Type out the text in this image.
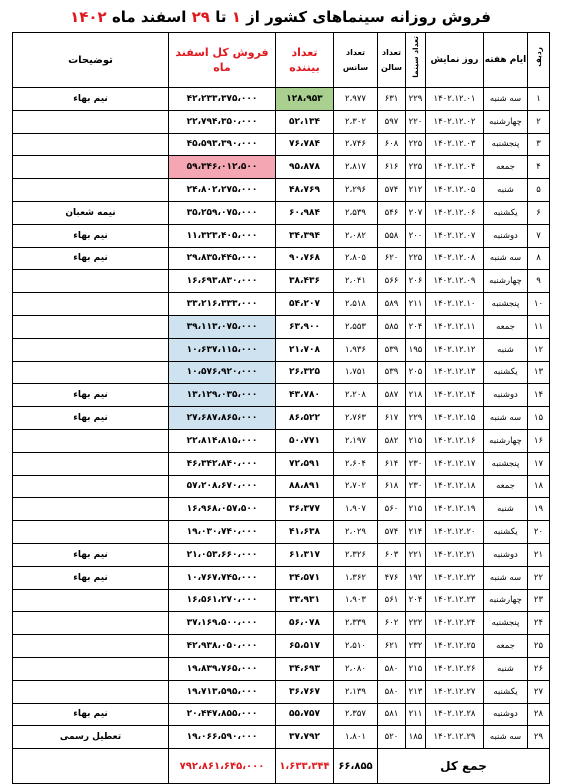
فروش روزانه سینماهای کشور از ۱ تا ۲۹ اسفند ماه ۱۴۰۲
ردیف	ایام هفته	روز نمایش	تعداد سینما	تعداد سالن	تعداد سانس	تعداد بیننده	فروش کل اسفند ماه	توضیحات
۱	سه شنبه	۱۴۰۲.۱۲.۰۱	۲۲۹	۶۳۱	۲،۹۷۷	۱۲۸،۹۵۳	۴۲،۲۳۳،۳۷۵،۰۰۰	نیم بهاء
۲	چهارشنبه	۱۴۰۲.۱۲.۰۲	۲۲۰	۵۹۷	۲،۳۰۲	۵۲،۱۳۴	۲۲،۷۹۴،۳۵۰،۰۰۰	
۳	پنجشنبه	۱۴۰۲.۱۲.۰۳	۲۲۵	۶۰۸	۲،۷۴۶	۷۶،۷۸۴	۴۵،۵۹۳،۳۹۰،۰۰۰	
۴	جمعه	۱۴۰۲.۱۲.۰۴	۲۲۵	۶۱۶	۲،۸۱۷	۹۵،۸۷۸	۵۹،۳۴۶،۰۱۲،۵۰۰	
۵	شنبه	۱۴۰۲.۱۲.۰۵	۲۱۲	۵۷۴	۲،۲۹۶	۴۸،۷۶۹	۲۴،۸۰۲،۲۷۵،۰۰۰	
۶	یکشنبه	۱۴۰۲.۱۲.۰۶	۲۰۷	۵۴۶	۲،۵۳۹	۶۰،۹۸۴	۳۵،۲۵۹،۰۷۵،۰۰۰	نیمه شعبان
۷	دوشنبه	۱۴۰۲.۱۲.۰۷	۲۰۰	۵۵۸	۲،۰۸۲	۳۴،۳۹۴	۱۱،۳۲۳،۴۰۵،۰۰۰	نیم بهاء
۸	سه شنبه	۱۴۰۲.۱۲.۰۸	۲۲۵	۶۲۰	۲،۸۰۵	۹۰،۷۶۸	۲۹،۸۳۵،۴۴۵،۰۰۰	نیم بهاء
۹	چهارشنبه	۱۴۰۲.۱۲.۰۹	۲۰۶	۵۶۶	۲،۰۴۱	۳۸،۴۳۶	۱۶،۶۹۳،۸۳۰،۰۰۰	
۱۰	پنجشنبه	۱۴۰۲.۱۲.۱۰	۲۱۱	۵۸۹	۲،۵۱۸	۵۴،۲۰۷	۳۳،۲۱۶،۳۳۳،۰۰۰	
۱۱	جمعه	۱۴۰۲.۱۲.۱۱	۲۰۴	۵۸۵	۲،۵۵۳	۶۳،۹۰۰	۳۹،۱۱۳،۰۷۵،۰۰۰	
۱۲	شنبه	۱۴۰۲.۱۲.۱۲	۱۹۵	۵۳۹	۱،۹۳۶	۲۱،۷۰۸	۱۰،۶۳۷،۱۱۵،۰۰۰	
۱۳	یکشنبه	۱۴۰۲.۱۲.۱۳	۲۰۵	۵۳۹	۱،۷۵۱	۲۶،۳۲۵	۱۰،۵۷۶،۹۲۰،۰۰۰	
۱۴	دوشنبه	۱۴۰۲.۱۲.۱۴	۲۱۸	۵۸۷	۲،۲۰۸	۴۳،۷۸۰	۱۳،۱۲۹،۰۳۵،۰۰۰	نیم بهاء
۱۵	سه شنبه	۱۴۰۲.۱۲.۱۵	۲۲۹	۶۱۷	۲،۷۶۳	۸۶،۵۲۲	۲۷،۶۸۷،۸۶۵،۰۰۰	نیم بهاء
۱۶	چهارشنبه	۱۴۰۲.۱۲.۱۶	۲۱۵	۵۸۲	۲،۱۹۷	۵۰،۷۷۱	۲۲،۸۱۴،۸۱۵،۰۰۰	
۱۷	پنجشنبه	۱۴۰۲.۱۲.۱۷	۲۳۰	۶۱۴	۲،۶۰۴	۷۲،۵۹۱	۴۶،۳۴۲،۸۴۰،۰۰۰	
۱۸	جمعه	۱۴۰۲.۱۲.۱۸	۲۳۰	۶۱۸	۲،۷۰۲	۸۸،۸۹۱	۵۷،۲۰۸،۶۷۰،۰۰۰	
۱۹	شنبه	۱۴۰۲.۱۲.۱۹	۲۱۵	۵۶۰	۱،۹۰۷	۳۶،۳۷۷	۱۶،۹۶۸،۰۵۷،۵۰۰	
۲۰	یکشنبه	۱۴۰۲.۱۲.۲۰	۲۱۴	۵۷۴	۲،۰۲۹	۴۱،۶۳۸	۱۹،۰۳۰،۷۴۰،۰۰۰	
۲۱	دوشنبه	۱۴۰۲.۱۲.۲۱	۲۲۱	۶۰۳	۲،۳۲۶	۶۱،۳۱۷	۲۱،۰۵۳،۶۶۰،۰۰۰	نیم بهاء
۲۲	سه شنبه	۱۴۰۲.۱۲.۲۲	۱۹۲	۴۷۶	۱،۳۶۲	۳۴،۵۷۱	۱۰،۷۶۷،۷۴۵،۰۰۰	نیم بهاء
۲۳	چهارشنبه	۱۴۰۲.۱۲.۲۳	۲۰۴	۵۶۱	۱،۹۰۳	۳۳،۹۳۱	۱۶،۵۶۱،۲۷۰،۰۰۰	
۲۴	پنجشنبه	۱۴۰۲.۱۲.۲۴	۲۲۲	۶۰۲	۲،۳۳۹	۵۶،۰۷۸	۳۷،۱۶۹،۵۰۰،۰۰۰	
۲۵	جمعه	۱۴۰۲.۱۲.۲۵	۲۳۲	۶۲۱	۲،۵۱۰	۶۵،۵۱۷	۴۲،۹۳۸،۰۵۰،۰۰۰	
۲۶	شنبه	۱۴۰۲.۱۲.۲۶	۲۱۵	۵۸۰	۲،۰۸۰	۳۴،۶۹۳	۱۹،۸۳۹،۷۶۵،۰۰۰	
۲۷	یکشنبه	۱۴۰۲.۱۲.۲۷	۲۱۳	۵۸۰	۲،۱۳۹	۳۶،۷۶۷	۱۹،۷۱۳،۵۹۵،۰۰۰	
۲۸	دوشنبه	۱۴۰۲.۱۲.۲۸	۲۱۱	۵۸۱	۲،۳۵۷	۵۵،۷۵۷	۲۰،۴۴۷،۸۵۵،۰۰۰	نیم بهاء
۲۹	سه شنبه	۱۴۰۲.۱۲.۲۹	۱۸۵	۵۲۰	۱،۸۰۱	۳۷،۷۹۲	۱۹،۰۶۶،۵۹۰،۰۰۰	تعطیل رسمی
جمع کل					۶۶،۸۵۵	۱،۶۳۳،۳۴۴	۷۹۲،۸۶۱،۶۴۵،۰۰۰	
